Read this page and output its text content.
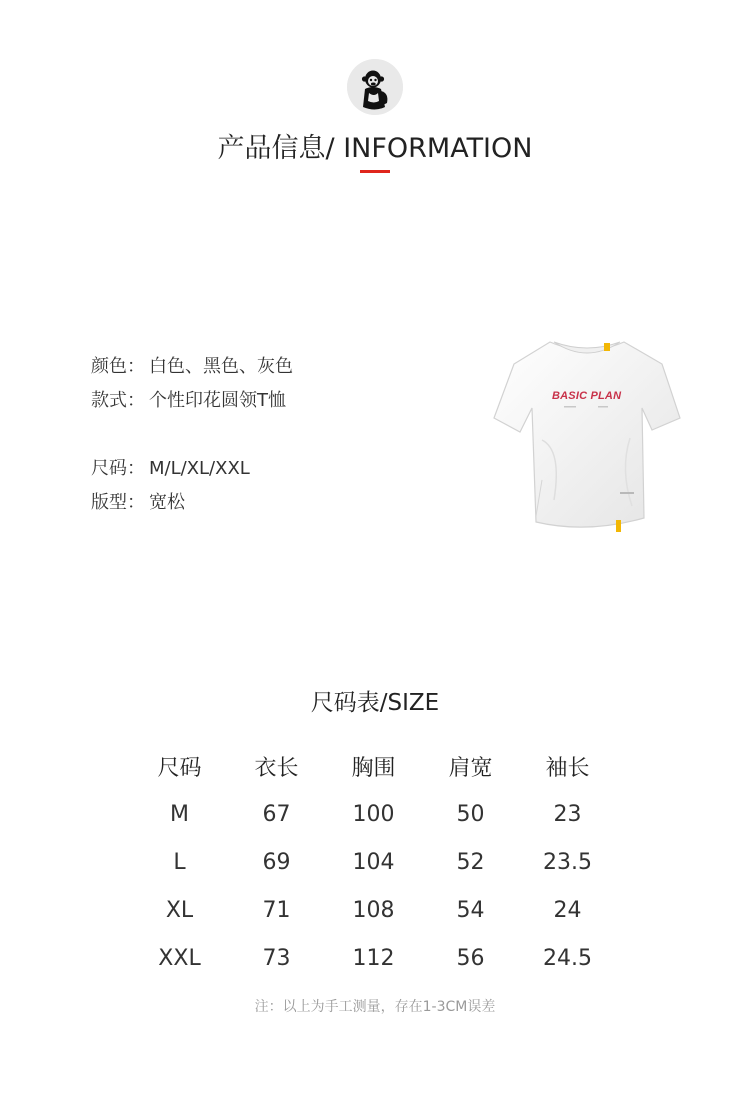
产品信息/ INFORMATION
颜色： 白色、黑色、灰色
款式： 个性印花圆领T恤
尺码： M/L/XL/XXL
版型： 宽松
BASIC PLAN
尺码表/SIZE
尺码	衣长	胸围	肩宽	袖长
M	67	100	50	23
L	69	104	52	23.5
XL	71	108	54	24
XXL	73	112	56	24.5
注：以上为手工测量，存在1-3CM误差
